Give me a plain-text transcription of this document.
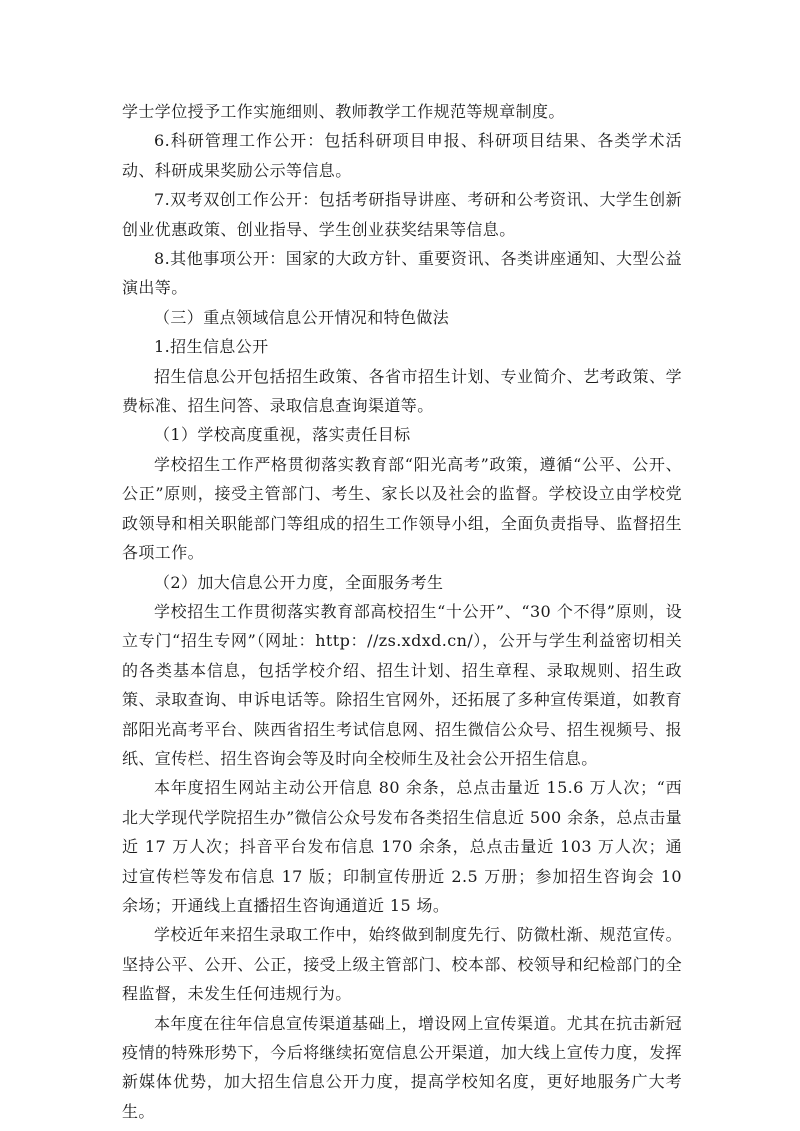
学士学位授予工作实施细则、教师教学工作规范等规章制度。

6.科研管理工作公开：包括科研项目申报、科研项目结果、各类学术活动、科研成果奖励公示等信息。

7.双考双创工作公开：包括考研指导讲座、考研和公考资讯、大学生创新创业优惠政策、创业指导、学生创业获奖结果等信息。

8.其他事项公开：国家的大政方针、重要资讯、各类讲座通知、大型公益演出等。

（三）重点领域信息公开情况和特色做法

1.招生信息公开

招生信息公开包括招生政策、各省市招生计划、专业简介、艺考政策、学费标准、招生问答、录取信息查询渠道等。

（1）学校高度重视，落实责任目标

学校招生工作严格贯彻落实教育部“阳光高考”政策，遵循“公平、公开、公正”原则，接受主管部门、考生、家长以及社会的监督。学校设立由学校党政领导和相关职能部门等组成的招生工作领导小组，全面负责指导、监督招生各项工作。

（2）加大信息公开力度，全面服务考生

学校招生工作贯彻落实教育部高校招生“十公开”、“30 个不得”原则，设立专门“招生专网”（网址：http：//zs.xdxd.cn/），公开与学生利益密切相关的各类基本信息，包括学校介绍、招生计划、招生章程、录取规则、招生政策、录取查询、申诉电话等。除招生官网外，还拓展了多种宣传渠道，如教育部阳光高考平台、陕西省招生考试信息网、招生微信公众号、招生视频号、报纸、宣传栏、招生咨询会等及时向全校师生及社会公开招生信息。

本年度招生网站主动公开信息 80 余条，总点击量近 15.6 万人次；“西北大学现代学院招生办”微信公众号发布各类招生信息近 500 余条，总点击量近 17 万人次；抖音平台发布信息 170 余条，总点击量近 103 万人次；通过宣传栏等发布信息 17 版；印制宣传册近 2.5 万册；参加招生咨询会 10 余场；开通线上直播招生咨询通道近 15 场。

学校近年来招生录取工作中，始终做到制度先行、防微杜渐、规范宣传。坚持公平、公开、公正，接受上级主管部门、校本部、校领导和纪检部门的全程监督，未发生任何违规行为。

本年度在往年信息宣传渠道基础上，增设网上宣传渠道。尤其在抗击新冠疫情的特殊形势下，今后将继续拓宽信息公开渠道，加大线上宣传力度，发挥新媒体优势，加大招生信息公开力度，提高学校知名度，更好地服务广大考生。
